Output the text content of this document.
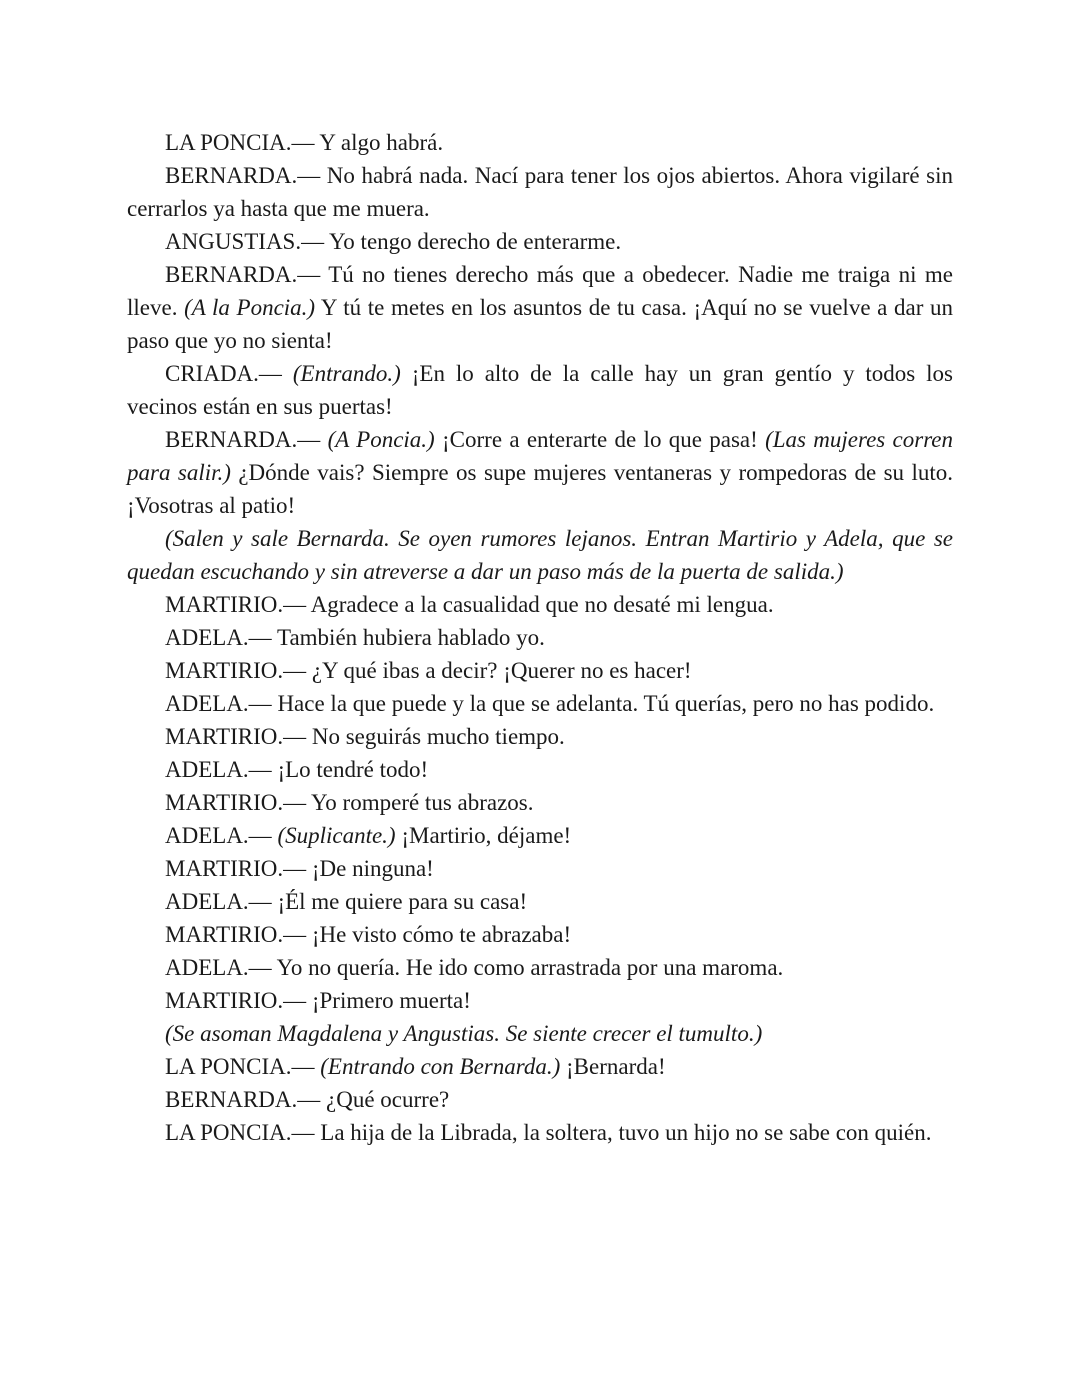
LA PONCIA.— Y algo habrá.

BERNARDA.— No habrá nada. Nací para tener los ojos abiertos. Ahora vigilaré sin cerrarlos ya hasta que me muera.

ANGUSTIAS.— Yo tengo derecho de enterarme.

BERNARDA.— Tú no tienes derecho más que a obedecer. Nadie me traiga ni me lleve. (A la Poncia.) Y tú te metes en los asuntos de tu casa. ¡Aquí no se vuelve a dar un paso que yo no sienta!

CRIADA.— (Entrando.) ¡En lo alto de la calle hay un gran gentío y todos los vecinos están en sus puertas!

BERNARDA.— (A Poncia.) ¡Corre a enterarte de lo que pasa! (Las mujeres corren para salir.) ¿Dónde vais? Siempre os supe mujeres ventaneras y rompedoras de su luto. ¡Vosotras al patio!

(Salen y sale Bernarda. Se oyen rumores lejanos. Entran Martirio y Adela, que se quedan escuchando y sin atreverse a dar un paso más de la puerta de salida.)

MARTIRIO.— Agradece a la casualidad que no desaté mi lengua.

ADELA.— También hubiera hablado yo.

MARTIRIO.— ¿Y qué ibas a decir? ¡Querer no es hacer!

ADELA.— Hace la que puede y la que se adelanta. Tú querías, pero no has podido.

MARTIRIO.— No seguirás mucho tiempo.

ADELA.— ¡Lo tendré todo!

MARTIRIO.— Yo romperé tus abrazos.

ADELA.— (Suplicante.) ¡Martirio, déjame!

MARTIRIO.— ¡De ninguna!

ADELA.— ¡Él me quiere para su casa!

MARTIRIO.— ¡He visto cómo te abrazaba!

ADELA.— Yo no quería. He ido como arrastrada por una maroma.

MARTIRIO.— ¡Primero muerta!

(Se asoman Magdalena y Angustias. Se siente crecer el tumulto.)

LA PONCIA.— (Entrando con Bernarda.) ¡Bernarda!

BERNARDA.— ¿Qué ocurre?

LA PONCIA.— La hija de la Librada, la soltera, tuvo un hijo no se sabe con quién.
